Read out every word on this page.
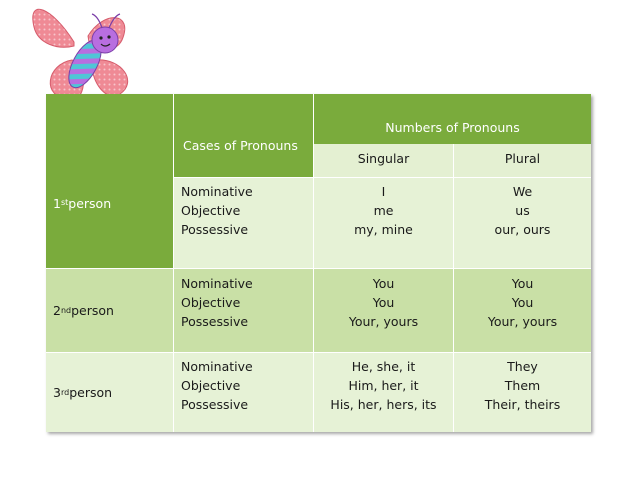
1 st person
Cases of Pronouns
Numbers of Pronouns
Singular	Plural
Nominative
Objective
Possessive
I
me
my, mine
We
us
our, ours
2 nd person
Nominative
Objective
Possessive
You
You
Your, yours
You
You
Your, yours
3 rd person
Nominative
Objective
Possessive
He, she, it
Him, her, it
His, her, hers, its
They
Them
Their, theirs
